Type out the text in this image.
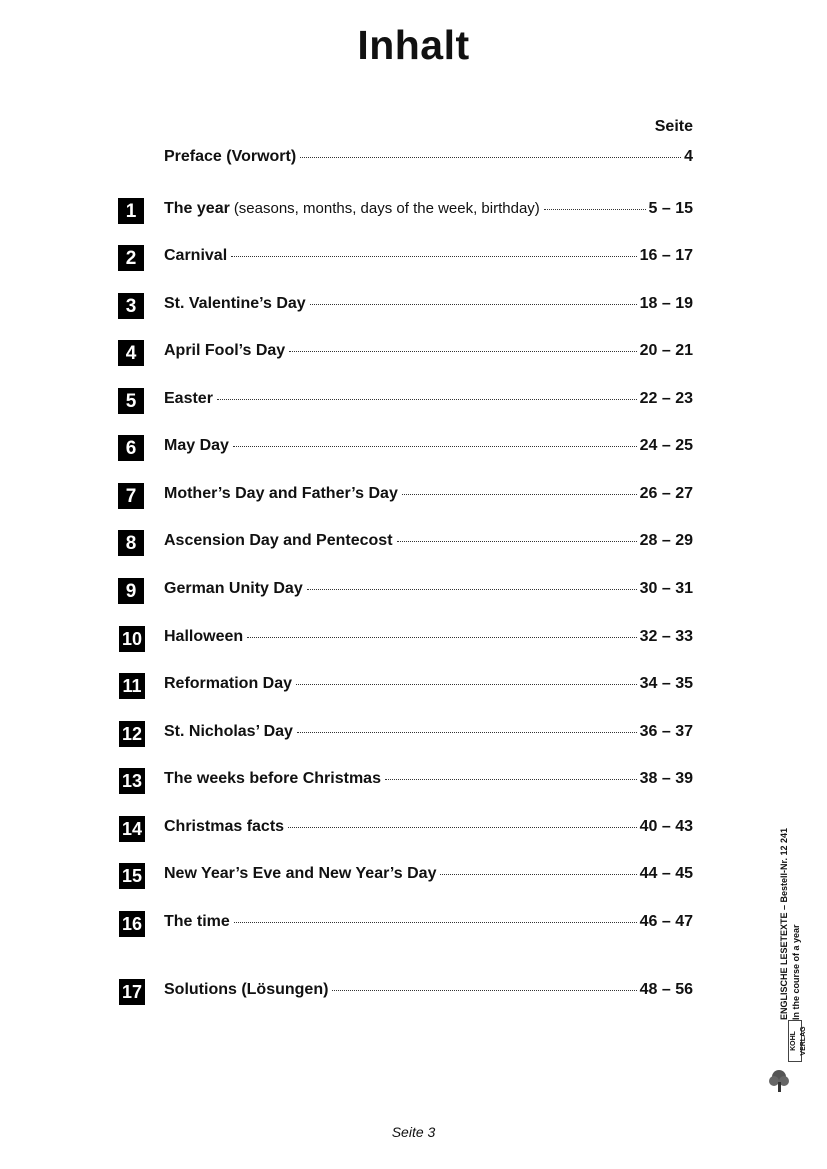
Inhalt
Seite
Preface (Vorwort)	4
1	The year (seasons, months, days of the week, birthday)	5 – 15
2	Carnival	16 – 17
3	St. Valentine’s Day	18 – 19
4	April Fool’s Day	20 – 21
5	Easter	22 – 23
6	May Day	24 – 25
7	Mother’s Day and Father’s Day	26 – 27
8	Ascension Day and Pentecost	28 – 29
9	German Unity Day	30 – 31
10 Halloween	32 – 33
11 Reformation Day	34 – 35
12 St. Nicholas’ Day	36 – 37
13 The weeks before Christmas	38 – 39
14 Christmas facts	40 – 43
15 New Year’s Eve and New Year’s Day	44 – 45
16 The time	46 – 47
17 Solutions (Lösungen)	48 – 56
Seite 3
ENGLISCHE LESETEXTE – Bestell-Nr. 12 241 In the course of a year
KOHL VERLAG
